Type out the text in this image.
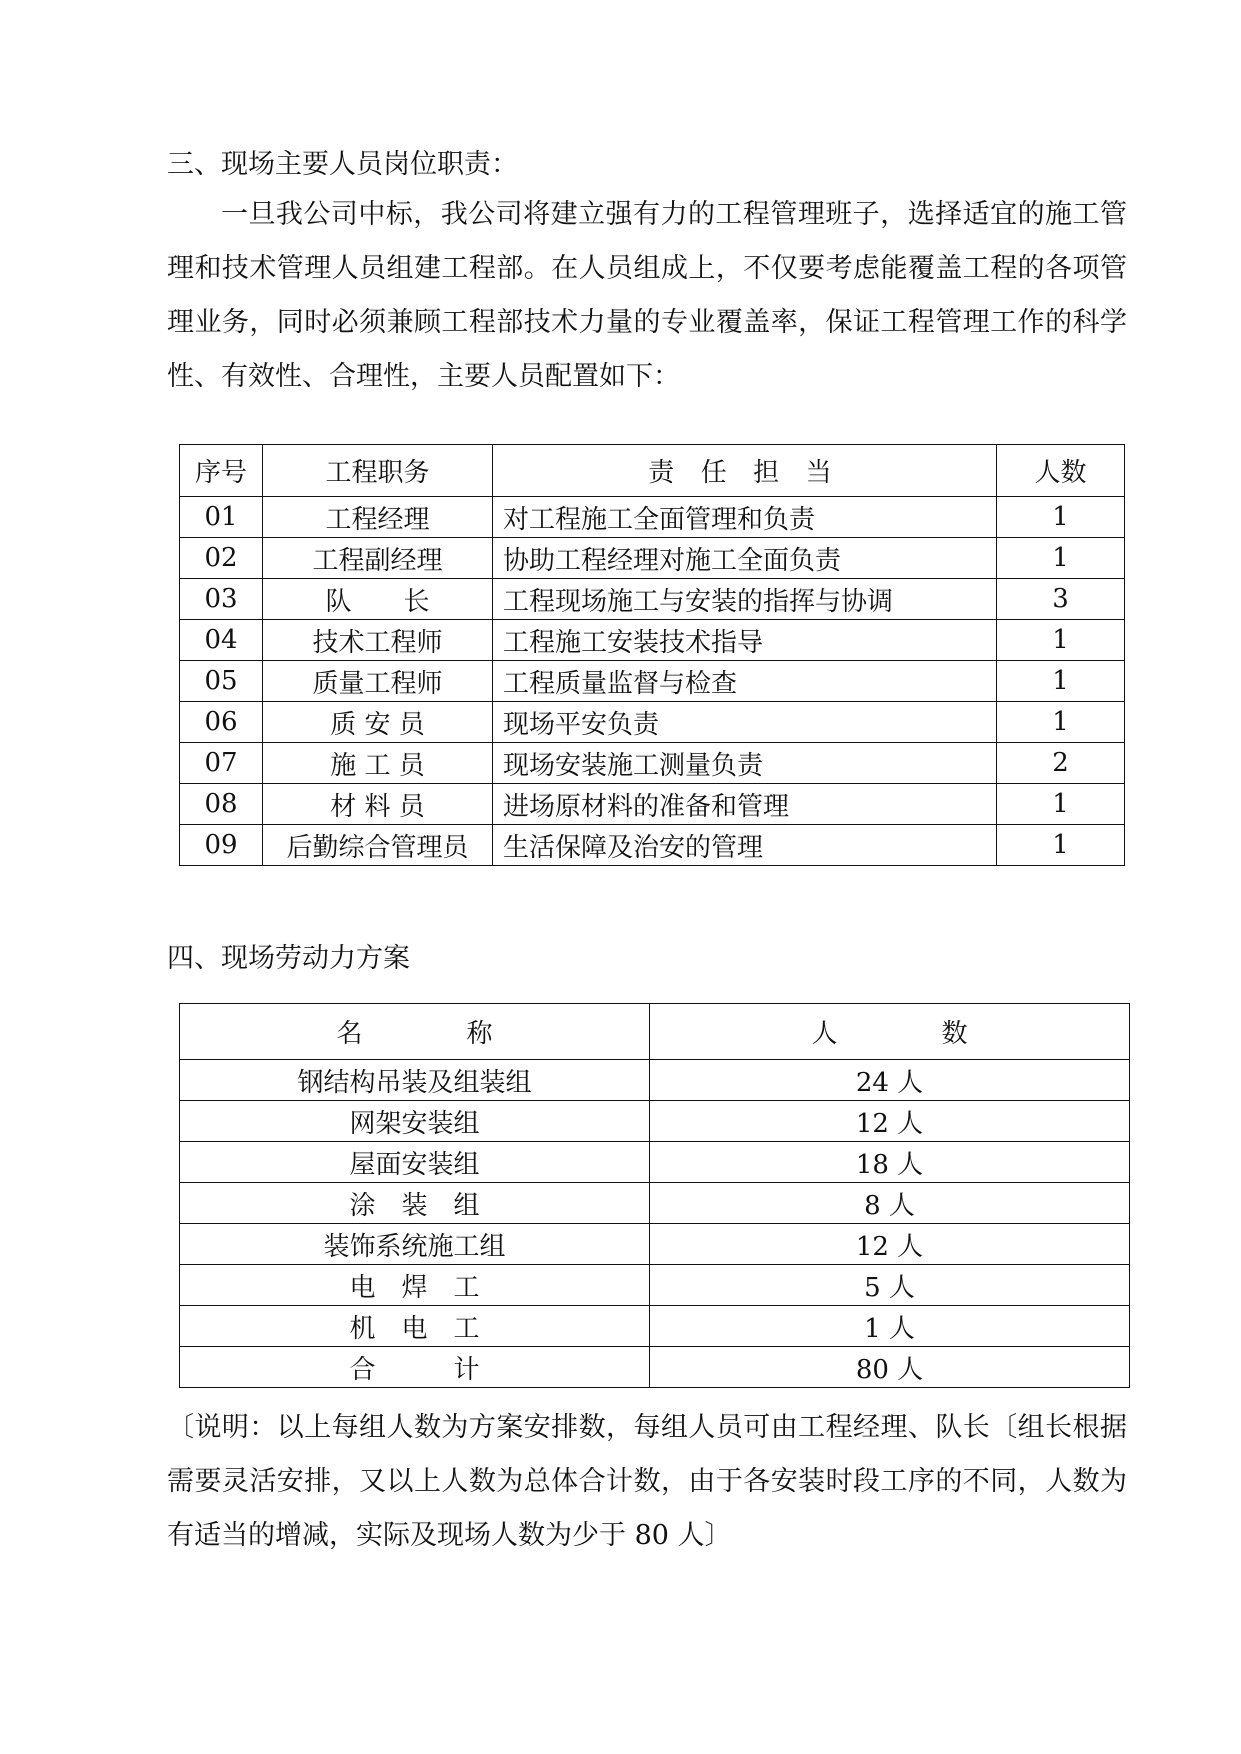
三、现场主要人员岗位职责：
一旦我公司中标，我公司将建立强有力的工程管理班子，选择适宜的施工管理和技术管理人员组建工程部。在人员组成上，不仅要考虑能覆盖工程的各项管理业务，同时必须兼顾工程部技术力量的专业覆盖率，保证工程管理工作的科学性、有效性、合理性，主要人员配置如下：
序号	工程职务	责 任 担 当	人数
01	工程经理	对工程施工全面管理和负责	1
02	工程副经理	协助工程经理对施工全面负责	1
03	队　　长	工程现场施工与安装的指挥与协调	3
04	技术工程师	工程施工安装技术指导	1
05	质量工程师	工程质量监督与检查	1
06	质 安 员	现场平安负责	1
07	施 工 员	现场安装施工测量负责	2
08	材 料 员	进场原材料的准备和管理	1
09	后勤综合管理员	生活保障及治安的管理	1
四、现场劳动力方案
名　　　　称	人　　　　数
钢结构吊装及组装组	24 人
网架安装组	12 人
屋面安装组	18 人
涂　装　组	8 人
装饰系统施工组	12 人
电　焊　工	5 人
机　电　工	1 人
合　　　计	80 人
〔说明：以上每组人数为方案安排数，每组人员可由工程经理、队长〔组长根据需要灵活安排，又以上人数为总体合计数，由于各安装时段工序的不同，人数为有适当的增减，实际及现场人数为少于 80 人〕
